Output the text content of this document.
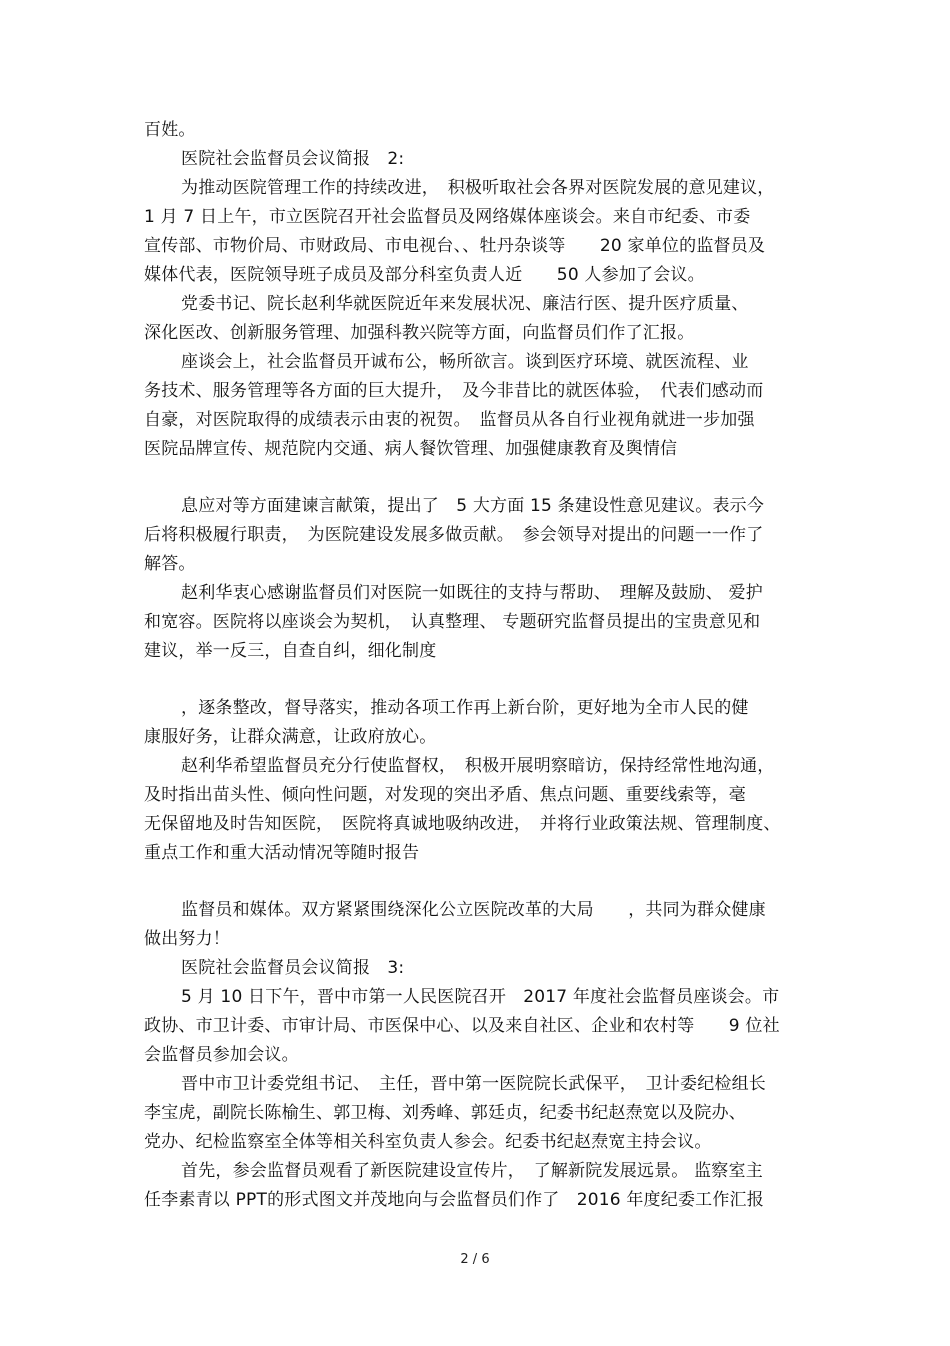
百姓。
医院社会监督员会议简报　2:
为推动医院管理工作的持续改进，　积极听取社会各界对医院发展的意见建议，
1 月 7 日上午，市立医院召开社会监督员及网络媒体座谈会。来自市纪委、市委
宣传部、市物价局、市财政局、市电视台、、牡丹杂谈等　　20 家单位的监督员及
媒体代表，医院领导班子成员及部分科室负责人近　　50 人参加了会议。
党委书记、院长赵利华就医院近年来发展状况、廉洁行医、提升医疗质量、
深化医改、创新服务管理、加强科教兴院等方面，向监督员们作了汇报。
座谈会上，社会监督员开诚布公，畅所欲言。谈到医疗环境、就医流程、业
务技术、服务管理等各方面的巨大提升，　及今非昔比的就医体验，　代表们感动而
自豪，对医院取得的成绩表示由衷的祝贺。　监督员从各自行业视角就进一步加强
医院品牌宣传、规范院内交通、病人餐饮管理、加强健康教育及舆情信
息应对等方面建谏言献策，提出了　5 大方面 15 条建设性意见建议。表示今
后将积极履行职责，　为医院建设发展多做贡献。　参会领导对提出的问题一一作了
解答。
赵利华衷心感谢监督员们对医院一如既往的支持与帮助、　理解及鼓励、 爱护
和宽容。医院将以座谈会为契机，　认真整理、 专题研究监督员提出的宝贵意见和
建议，举一反三，自查自纠，细化制度
，逐条整改，督导落实，推动各项工作再上新台阶，更好地为全市人民的健
康服好务，让群众满意，让政府放心。
赵利华希望监督员充分行使监督权，　积极开展明察暗访，保持经常性地沟通，
及时指出苗头性、倾向性问题，对发现的突出矛盾、焦点问题、重要线索等，毫
无保留地及时告知医院，　医院将真诚地吸纳改进，　并将行业政策法规、管理制度、
重点工作和重大活动情况等随时报告
监督员和媒体。双方紧紧围绕深化公立医院改革的大局　　，共同为群众健康
做出努力！
医院社会监督员会议简报　3:
5 月 10 日下午，晋中市第一人民医院召开　2017 年度社会监督员座谈会。市
政协、市卫计委、市审计局、市医保中心、以及来自社区、企业和农村等　　9 位社
会监督员参加会议。
晋中市卫计委党组书记、　主任，晋中第一医院院长武保平，　卫计委纪检组长
李宝虎，副院长陈榆生、郭卫梅、刘秀峰、郭廷贞，纪委书纪赵焘宽以及院办、
党办、纪检监察室全体等相关科室负责人参会。纪委书纪赵焘宽主持会议。
首先，参会监督员观看了新医院建设宣传片，　了解新院发展远景。 监察室主
任李素青以 PPT的形式图文并茂地向与会监督员们作了　2016 年度纪委工作汇报
2 / 6
